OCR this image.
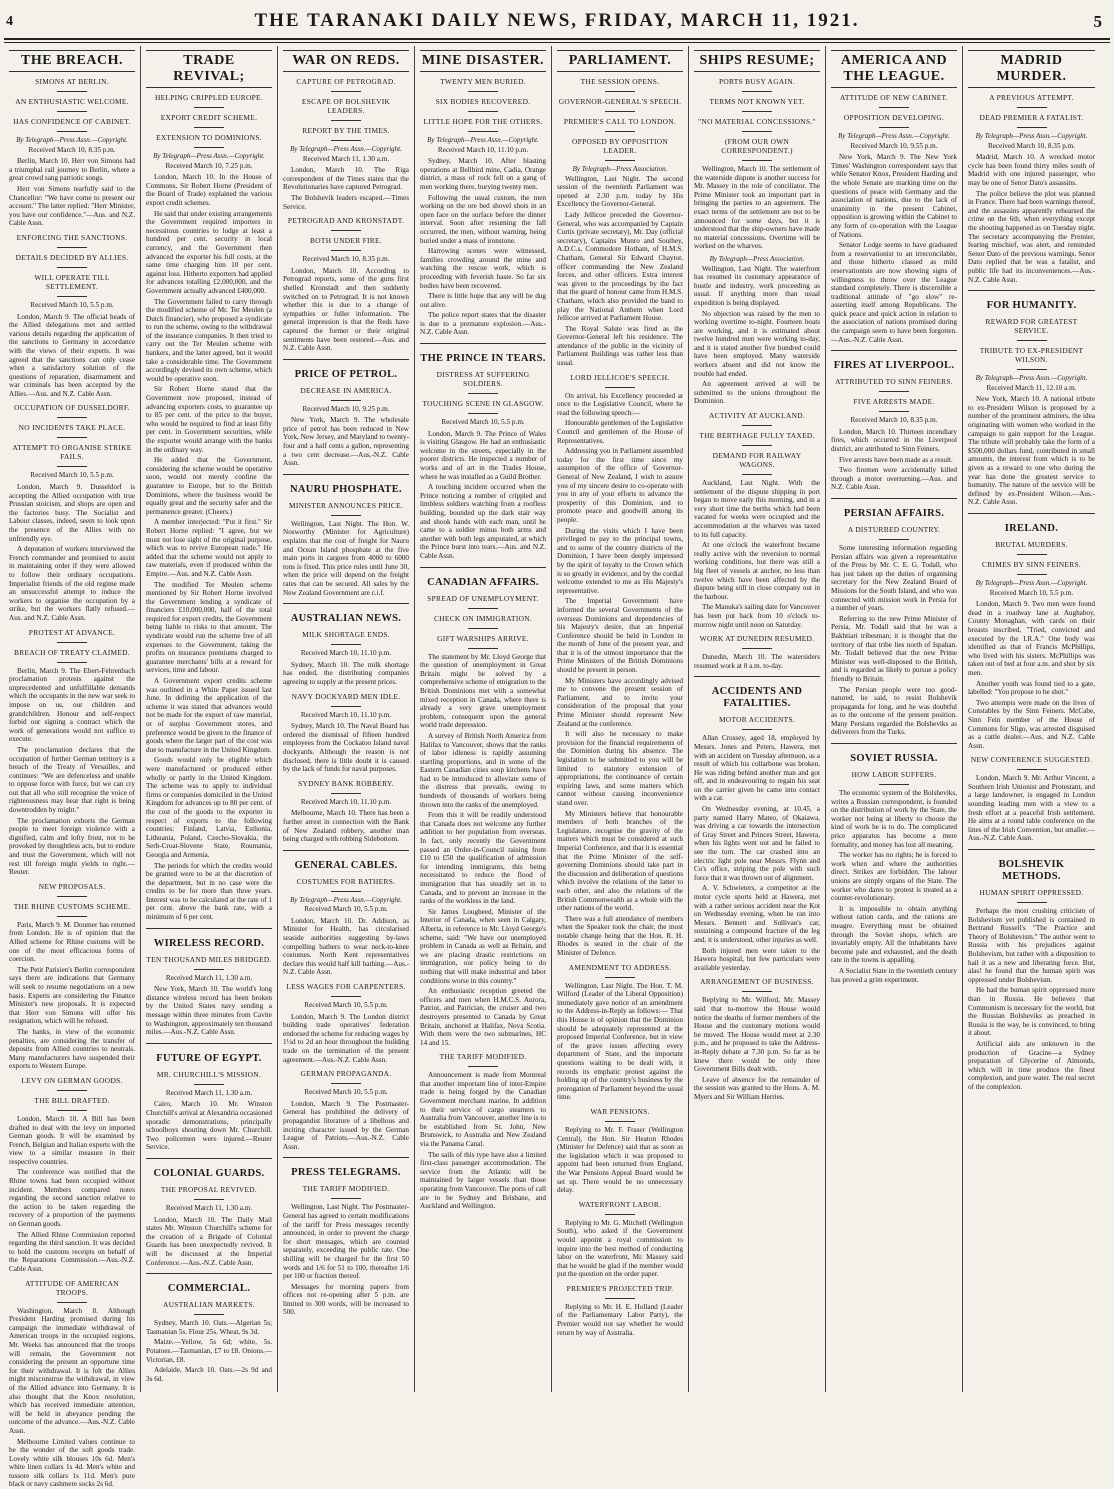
4	THE TARANAKI DAILY NEWS, FRIDAY, MARCH 11, 1921.	5
THE BREACH.
SIMONS AT BERLIN.
AN ENTHUSIASTIC WELCOME.
HAS CONFIDENCE OF CABINET.
By Telegraph—Press Assn.—Copyright.
Received March 10, 8.35 p.m.

Berlin, March 10. Herr von Simons had a triumphal rail journey to Berlin, where a great crowd sang patriotic songs.

Herr von Simons tearfully said to the Chancellor: "We have come to present our account." The latter replied: "Herr Minister, you have our confidence."—Aus. and N.Z. Cable Assn.

ENFORCING THE SANCTIONS.
DETAILS DECIDED BY ALLIES.
WILL OPERATE TILL SETTLEMENT.
Received March 10, 5.5 p.m.

London, March 9. The official heads of the Allied delegations met and settled various details regarding the application of the sanctions to Germany in accordance with the views of their experts. It was agreed that the sanctions can only cease when a satisfactory solution of the questions of reparation, disarmament and war criminals has been accepted by the Allies.—Aus. and N.Z. Cable Assn.

OCCUPATION OF DUSSELDORF.
NO INCIDENTS TAKE PLACE.
ATTEMPT TO ORGANISE STRIKE FAILS.
Received March 10, 5.5 p.m.

London, March 9. Dusseldorf is accepting the Allied occupation with true Prussian stoicism, and shops are open and the factories busy. The Socialist and Labour classes, indeed, seem to look upon the presence of the Allies with no unfriendly eye.

A deputation of workers interviewed the French commander and promised to assist in maintaining order if they were allowed to follow their ordinary occupations. Imperialist friends of the old regime made an unsuccessful attempt to induce the workers to organise the occupation by a strike, but the workers flatly refused.—Aus. and N.Z. Cable Assn.

PROTEST AT ADVANCE.
BREACH OF TREATY CLAIMED.

Berlin, March 9. The Ebert-Fehrenbach proclamation protests against the unprecedented and unfulfillable demands which the occupants in the new war seek to impose on us, our children and grandchildren. Honour and self-respect forbid our signing a contract which the work of generations would not suffice to execute.

The proclamation declares that the occupation of further German territory is a breach of the Treaty of Versailles, and continues: "We are defenceless and unable to oppose force with force, but we can cry out that all who still recognise the voice of righteousness may hear that right is being downtrodden by might."

The proclamation exhorts the German people to meet foreign violence with a dignified, calm and lofty front, not to be provoked by thoughtless acts, but to endure and trust the Government, which will not rest till foreign might yields to right.—Reuter.

NEW PROPOSALS.
THE RHINE CUSTOMS SCHEME.

Paris, March 9. M. Doumer has returned from London. He is of opinion that the Allied scheme for Rhine customs will be one of the most efficacious forms of coercion.

The Petit Parisien's Berlin correspondent says there are indications that Germany will seek to resume negotiations on a new basis. Experts are considering the Finance Minister's new proposals. It is expected that Herr von Simons will offer his resignation, which will be refused.

The banks, in view of the economic penalties, are considering the transfer of deposits from Allied countries to neutrals. Many manufacturers have suspended their exports to Western Europe.

LEVY ON GERMAN GOODS.
THE BILL DRAFTED.

London, March 10. A Bill has been drafted to deal with the levy on imported German goods. It will be examined by French, Belgian and Italian experts with the view to a similar measure in their respective countries.

The conference was notified that the Rhine towns had been occupied without incident. Members compared notes regarding the second sanction relative to the action to be taken regarding the recovery of a proportion of the payments on German goods.

The Allied Rhine Commission reported regarding the third sanction. It was decided to hold the customs receipts on behalf of the Reparations Commission.—Aus.-N.Z. Cable Assn.

ATTITUDE OF AMERICAN TROOPS.

Washington, March 8. Although President Harding promised during his campaign the immediate withdrawal of American troops in the occupied regions, Mr. Weeks has announced that the troops will remain, the Government not considering the present an opportune time for their withdrawal. It is felt the Allies might misconstrue the withdrawal, in view of the Allied advance into Germany. It is also thought that the Knox resolution, which has received immediate attention, will be held in abeyance pending the outcome of the advance.—Aus.-N.Z. Cable Assn.

Melbourne Limited values continue to be the wonder of the soft goods trade. Lovely white silk blouses 10s 6d. Men's white linen collars 1s 4d. Men's white and tussore silk collars 1s 11d. Men's pure black or navy cashmere socks 2s 6d.

TRADE REVIVAL;
HELPING CRIPPLED EUROPE.
EXPORT CREDIT SCHEME.
EXTENSION TO DOMINIONS.
By Telegraph—Press Assn.—Copyright.
Received March 10, 7.25 p.m.

London, March 10. In the House of Commons, Sir Robert Horne (President of the Board of Trade) explained the various export credit schemes.

He said that under existing arrangements the Government required importers in necessitous countries to lodge at least a hundred per cent. security in local currency, and the Government then advanced the exporter his full costs, at the same time charging him 10 per cent. against loss. Hitherto exporters had applied for advances totalling £2,000,000, and the Government actually advanced £400,000.

The Government failed to carry through the modified scheme of Mr. Ter Meulen (a Dutch financier), who proposed a syndicate to run the scheme, owing to the withdrawal of the insurance companies. It then tried to carry out the Ter Meulen scheme with bankers, and the latter agreed, but it would take a considerable time. The Government accordingly devised its own scheme, which would be operative soon.

Sir Robert Horne stated that the Government now proposed, instead of advancing exporters costs, to guarantee up to 85 per cent. of the price to the buyer, who would be required to find at least fifty per cent. in Government securities, while the exporter would arrange with the banks in the ordinary way.

He added that the Government, considering the scheme would be operative soon, would not merely confine the guarantee to Europe, but to the British Dominions, where the business would be equally great and the security safer and the permanence greater. (Cheers.)

A member interjected: "Put it first." Sir Robert Horne replied: "I agree, but we must not lose sight of the original purpose, which was to revive European trade." He added that the scheme would not apply to raw materials, even if produced within the Empire.—Aus. and N.Z. Cable Assn.

The modified Ter Meulen scheme mentioned by Sir Robert Horne involved the Government lending a syndicate of financiers £10,000,000, half of the total required for export credits, the Government being liable to risks to that amount. The syndicate would run the scheme free of all expenses to the Government, taking the profits on insurance premiums charged to guarantee merchants' bills at a reward for services, time and labour.

A Government export credits scheme was outlined in a White Paper issued last June. In defining the application of the scheme it was stated that advances would not be made for the export of raw material, or of surplus Government stores, and preference would be given to the finance of goods where the larger part of the cost was due to manufacture in the United Kingdom.

Goods would only be eligible which were manufactured or produced either wholly or partly in the United Kingdom. The scheme was to apply to individual firms or companies domiciled in the United Kingdom for advances up to 80 per cent. of the cost of the goods to the exporter in respect of exports to the following countries: Finland, Latvia, Esthonia, Lithuania, Poland, Czecho-Slovakia, the Serb-Croat-Slovene State, Roumania, Georgia and Armenia.

The periods for which the credits would be granted were to be at the discretion of the department, but in no case were the credits to be for more than three years. Interest was to be calculated at the rate of 1 per cent. above the bank rate, with a minimum of 6 per cent.

WIRELESS RECORD.
TEN THOUSAND MILES BRIDGED.
Received March 11, 1.30 a.m.

New York, March 10. The world's long distance wireless record has been broken by the United States navy sending a message within three minutes from Cavite to Washington, approximately ten thousand miles.—Aus.-N.Z. Cable Assn.

FUTURE OF EGYPT.
MR. CHURCHILL'S MISSION.
Received March 11, 1.30 a.m.

Cairo, March 10. Mr. Winston Churchill's arrival at Alexandria occasioned sporadic demonstrations, principally schoolboys shouting down Mr. Churchill. Two policemen were injured.—Reuter Service.

COLONIAL GUARDS.
THE PROPOSAL REVIVED.
Received March 11, 1.30 a.m.

London, March 10. The Daily Mail states Mr. Winston Churchill's scheme for the creation of a Brigade of Colonial Guards has been unexpectedly revived. It will be discussed at the Imperial Conference.—Aus.-N.Z. Cable Assn.

COMMERCIAL.
AUSTRALIAN MARKETS.

Sydney, March 10. Oats.—Algerian 5s; Tasmanian 5s. Flour 25s. Wheat, 9s 3d.

Maize.—Yellow, 5s 6d; white, 5s. Potatoes.—Tasmanian, £7 to £8. Onions.—Victorian, £8.

Adelaide, March 10. Oats.—2s 9d and 3s 6d.

WAR ON REDS.
CAPTURE OF PETROGRAD.
ESCAPE OF BOLSHEVIK LEADERS.
REPORT BY THE TIMES.
By Telegraph—Press Assn.—Copyright.
Received March 11, 1.30 a.m.

London, March 10. The Riga correspondent of the Times states that the Revolutionaries have captured Petrograd.

The Bolshevik leaders escaped.—Times Service.

PETROGRAD AND KRONSTADT.
BOTH UNDER FIRE.
Received March 10, 8.35 p.m.

London, March 10. According to Petrograd reports, some of the guns first shelled Kronstadt and then suddenly switched on to Petrograd. It is not known whether this is due to a change of sympathies or fuller information. The general impression is that the Reds have captured the former or their original sentiments have been restored.—Aus. and N.Z. Cable Assn.

PRICE OF PETROL.
DECREASE IN AMERICA.
Received March 10, 9.25 p.m.

New York, March 9. The wholesale price of petrol has been reduced in New York, New Jersey, and Maryland to twenty-four and a half cents a gallon, representing a two cent decrease.—Aus.-N.Z. Cable Assn.

NAURU PHOSPHATE.
MINISTER ANNOUNCES PRICE.

Wellington, Last Night. The Hon. W. Nosworthy (Minister for Agriculture) explains that the cost of freight for Nauru and Ocean Island phosphate at the five main ports in cargoes from 4000 to 6000 tons is fixed. This price rules until June 30, when the price will depend on the freight rates that can be secured. All sales by the New Zealand Government are c.i.f.

AUSTRALIAN NEWS.
MILK SHORTAGE ENDS.
Received March 10, 11.10 p.m.

Sydney, March 10. The milk shortage has ended, the distributing companies agreeing to supply at the present prices.

NAVY DOCKYARD MEN IDLE.
Received March 10, 11.10 p.m.

Sydney, March 10. The Naval Board has ordered the dismissal of fifteen hundred employees from the Cockatoo Island naval dockyards. Although the reason is not disclosed, there is little doubt it is caused by the lack of funds for naval purposes.

SYDNEY BANK ROBBERY.
Received March 10, 11.10 p.m.

Melbourne, March 10. There has been a further arrest in connection with the Bank of New Zealand robbery, another man being charged with robbing Sidebottom.

GENERAL CABLES.
COSTUMES FOR BATHERS.
By Telegraph—Press Assn.—Copyright.
Received March 10, 5.5 p.m.

London, March 10. Dr. Addison, as Minister for Health, has circularised seaside authorities suggesting by-laws compelling bathers to wear neck-to-knee costumes. North Kent representatives declare this would half kill bathing.—Aus.-N.Z. Cable Assn.

LESS WAGES FOR CARPENTERS.
Received March 10, 5.5 p.m.

London, March 9. The London district building trade operatives' federation endorsed the scheme for reducing wages by 1½d to 2d an hour throughout the building trade on the termination of the present agreement.—Aus.-N.Z. Cable Assn.

GERMAN PROPAGANDA.
Received March 10, 5.5 p.m.

London, March 9. The Postmaster-General has prohibited the delivery of propagandist literature of a libellous and inciting character issued by the German League of Patriots.—Aus.-N.Z. Cable Assn.

PRESS TELEGRAMS.
THE TARIFF MODIFIED.

Wellington, Last Night. The Postmaster-General has agreed to certain modifications of the tariff for Press messages recently announced, in order to prevent the charge for short messages, which are counted separately, exceeding the public rate. One shilling will be charged for the first 50 words and 1/6 for 51 to 100, thereafter 1/6 per 100 or fraction thereof.

Messages for morning papers from offices not re-opening after 5 p.m. are limited to 300 words, will be increased to 500.

MINE DISASTER.
TWENTY MEN BURIED.
SIX BODIES RECOVERED.
LITTLE HOPE FOR THE OTHERS.
By Telegraph—Press Assn.—Copyright.
Received March 10, 11.10 p.m.

Sydney, March 10. After blasting operations at Bellbird mine, Cadia, Orange district, a mass of rock fell on a gang of men working there, burying twenty men.

Following the usual custom, the men working on the ore bed shovel shots in an open face on the surface before the dinner interval. Soon after resuming the fall occurred, the men, without warning, being buried under a mass of ironstone.

Harrowing scenes were witnessed, families crowding around the mine and watching the rescue work, which is proceeding with feverish haste. So far six bodies have been recovered.

There is little hope that any will be dug out alive.

The police report states that the disaster is due to a premature explosion.—Aus.-N.Z. Cable Assn.

THE PRINCE IN TEARS.
DISTRESS AT SUFFERING SOLDIERS.
TOUCHING SCENE IN GLASGOW.
Received March 10, 5.5 p.m.

London, March 9. The Prince of Wales is visiting Glasgow. He had an enthusiastic welcome in the streets, especially in the poorer districts. He inspected a number of works and of art in the Trades House, where he was installed as a Guild Brother.

A touching incident occurred when the Prince noticing a number of crippled and limbless soldiers watching from a roofless building, bounded up the dark stair way and shook hands with each man, until he came to a soldier minus both arms and another with both legs amputated, at which the Prince burst into tears.—Aus. and N.Z. Cable Assn.

CANADIAN AFFAIRS.
SPREAD OF UNEMPLOYMENT.
CHECK ON IMMIGRATION.
GIFT WARSHIPS ARRIVE.

The statement by Mr. Lloyd George that the question of unemployment in Great Britain might be solved by a comprehensive scheme of emigration to the British Dominions met with a somewhat mixed reception in Canada, where there is already a very grave unemployment problem, consequent upon the general world trade depression.

A survey of British North America from Halifax to Vancouver, shows that the ranks of labor idleness is rapidly assuming startling proportions, and in some of the Eastern Canadian cities soup kitchens have had to be introduced to alleviate some of the distress that prevails, owing to hundreds of thousands of workers being thrown into the ranks of the unemployed.

From this it will be readily understood that Canada does not welcome any further addition to her population from overseas. In fact, only recently the Government passed an Order-in-Council raising from £10 to £50 the qualification of admission for intending immigrants, this being necessitated to reduce the flood of immigration that has steadily set in to Canada, and to prevent an increase in the ranks of the workless in the land.

Sir James Lougheed, Minister of the Interior of Canada, when seen in Calgary, Alberta, in reference to Mr. Lloyd George's scheme, said: "We have our unemployed problem in Canada as well as Britain, and we are placing drastic restrictions on immigration, our policy being to do nothing that will make industrial and labor conditions worse in this country."

An enthusiastic reception greeted the officers and men when H.M.C.S. Aurora, Patriot, and Patrician, the cruiser and two destroyers presented to Canada by Great Britain, anchored at Halifax, Nova Scotia. With them were the two submarines, HC 14 and 15.

THE TARIFF MODIFIED.

Announcement is made from Montreal that another important line of inter-Empire trade is being forged by the Canadian Government merchant marine. In addition to their service of cargo steamers to Australia from Vancouver, another line is to be established from St. John, New Brunswick, to Australia and New Zealand via the Panama Canal.

The sails of this type have also a limited first-class passenger accommodation. The service from the Atlantic will be maintained by larger vessels than those operating from Vancouver. The ports of call are to be Sydney and Brisbane, and Auckland and Wellington.

PARLIAMENT.
THE SESSION OPENS.
GOVERNOR-GENERAL'S SPEECH.
PREMIER'S CALL TO LONDON.
OPPOSED BY OPPOSITION LEADER.
By Telegraph—Press Association.

Wellington, Last Night. The second session of the twentieth Parliament was opened at 2.30 p.m. today by His Excellency the Governor-General.

Lady Jellicoe preceded the Governor-General, who was accompanied by Captain Curtis (private secretary), Mr. Day (official secretary), Captains Munro and Southey, A.D.C.s, Commodore Hotham, of H.M.S. Chatham, General Sir Edward Chaytor, officer commanding the New Zealand forces, and other officers. Extra interest was given to the proceedings by the fact that the guard of honour came from H.M.S. Chatham, which also provided the band to play the National Anthem when Lord Jellicoe arrived at Parliament House.

The Royal Salute was fired as the Governor-General left his residence. The attendance of the public in the vicinity of Parliament Buildings was rather less than usual.

LORD JELLICOE'S SPEECH.

On arrival, his Excellency proceeded at once to the Legislative Council, where he read the following speech:—

Honourable gentlemen of the Legislative Council and gentlemen of the House of Representatives.

Addressing you in Parliament assembled today for the first time since my assumption of the office of Governor-General of New Zealand, I wish to assure you of my sincere desire to co-operate with you in any of your efforts to advance the prosperity of this Dominion, and to promote peace and goodwill among its people.

During the visits which I have been privileged to pay to the principal towns, and to some of the country districts of the Dominion, I have been deeply impressed by the spirit of loyalty to the Crown which is so greatly in evidence, and by the cordial welcome extended to me as His Majesty's representative.

The Imperial Government have informed the several Governments of the overseas Dominions and dependencies of his Majesty's desire, that an Imperial Conference should be held in London in the month of June of the present year, and that it is of the utmost importance that the Prime Ministers of the British Dominions should be present in person.

My Ministers have accordingly advised me to convene the present session of Parliament, and to invite your consideration of the proposal that your Prime Minister should represent New Zealand at the conference.

It will also be necessary to make provision for the financial requirements of the Dominion during his absence. The legislation to be submitted to you will be limited to statutory extension of appropriations, the continuance of certain expiring laws, and some matters which cannot without causing inconvenience stand over.

My Ministers believe that honourable members of both branches of the Legislature, recognise the gravity of the matters which must be considered at such Imperial Conference, and that it is essential that the Prime Minister of the self-governing Dominions should take part in the discussion and deliberation of questions which involve the relations of the latter to each other, and also the relations of the British Commonwealth as a whole with the other nations of the world.

There was a full attendance of members when the Speaker took the chair, the most notable change being that the Hon. R. H. Rhodes is seated in the chair of the Minister of Defence.

AMENDMENT TO ADDRESS.

Wellington, Last Night. The Hon. T. M. Wilford (Leader of the Liberal Opposition) immediately gave notice of an amendment to the Address-in-Reply as follows:— That this House is of opinion that the Dominion should be adequately represented at the proposed Imperial Conference, but in view of the grave issues affecting every department of State, and the important questions waiting to be dealt with, it records its emphatic protest against the holding up of the country's business by the prorogation of Parliament beyond the usual time.

WAR PENSIONS.

Replying to Mr. F. Fraser (Wellington Central), the Hon. Sir Heaton Rhodes (Minister for Defence) said that as soon as the legislation which it was proposed to appoint had been returned from England, the War Pensions Appeal Board would be set up. There would be no unnecessary delay.

WATERFRONT LABOR.

Replying to Mr. G. Mitchell (Wellington South), who asked if the Government would appoint a royal commission to inquire into the best method of conducting labor on the waterfront, Mr. Massey said that he would be glad if the member would put the question on the order paper.

PREMIER'S PROJECTED TRIP.

Replying to Mr. H. E. Holland (Leader of the Parliamentary Labor Party), the Premier would not say whether he would return by way of Australia.

SHIPS RESUME;
PORTS BUSY AGAIN.
TERMS NOT KNOWN YET.
"NO MATERIAL CONCESSIONS."
(FROM OUR OWN CORRESPONDENT.)

Wellington, March 10. The settlement of the waterside dispute is another success for Mr. Massey in the role of conciliator. The Prime Minister took an important part in bringing the parties to an agreement. The exact terms of the settlement are not to be announced for some days, but it is understood that the ship-owners have made no material concessions. Overtime will be worked on the wharves.

By Telegraph—Press Association.

Wellington, Last Night. The waterfront has resumed its customary appearance of bustle and industry, work proceeding as usual. If anything more than usual expedition is being displayed.

No objection was raised by the men to working overtime to-night. Fourteen boats are working, and it is estimated about twelve hundred men were working to-day, and it is stated another five hundred could have been employed. Many waterside workers absent and did not know the trouble had ended.

An agreement arrived at will be submitted to the unions throughout the Dominion.

ACTIVITY AT AUCKLAND.
THE BERTHAGE FULLY TAXED.
DEMAND FOR RAILWAY WAGONS.

Auckland, Last Night. With the settlement of the dispute shipping in port began to move early this morning, and in a very short time the berths which had been vacated for weeks were occupied and the accommodation at the wharves was taxed to its full capacity.

At one o'clock the waterfront became really active with the reversion to normal working conditions, but there was still a big fleet of vessels at anchor, no less than twelve which have been affected by the dispute being still in close company out in the harbour.

The Manuka's sailing date for Vancouver has been put back from 10 o'clock to-morrow night until noon on Saturday.

WORK AT DUNEDIN RESUMED.

Dunedin, March 10. The watersiders resumed work at 8 a.m. to-day.

ACCIDENTS AND FATALITIES.
MOTOR ACCIDENTS.

Allan Crossey, aged 18, employed by Messrs. Jones and Peters, Hawera, met with an accident on Tuesday afternoon, as a result of which his collarbone was broken. He was riding behind another man and got off, and in endeavouring to regain his seat on the carrier given he came into contact with a car.

On Wednesday evening, at 10.45, a party named Harry Mateo, of Okaiawa, was driving a car towards the intersection of Gray Street and Princes Street, Hawera, when his lights went out and he failed to see the turn. The car crashed into an electric light pole near Messrs. Flynn and Co's office, striping the pole with such force that it was thrown out of alignment.

A. V. Schwieters, a competitor at the motor cycle sports held at Hawera, met with a rather serious accident near the Kot on Wednesday evening, when he ran into Messrs. Bennett and Sullivan's car, sustaining a compound fracture of the leg and, it is understood, other injuries as well.

Both injured men were taken to the Hawera hospital, but few particulars were available yesterday.

ARRANGEMENT OF BUSINESS.

Replying to Mr. Wilford, Mr. Massey said that to-morrow the House would notice the deaths of former members of the House and the customary motions would be moved. The House would meet at 2.30 p.m., and he proposed to take the Address-in-Reply debate at 7.30 p.m. So far as he knew there would be only three Government Bills dealt with.

Leave of absence for the remainder of the session was granted to the Hons. A. M. Myers and Sir William Herries.

AMERICA AND THE LEAGUE.
ATTITUDE OF NEW CABINET.
OPPOSITION DEVELOPING.
By Telegraph—Press Assn.—Copyright.
Received March 10, 9.55 p.m.

New York, March 9. The New York Times' Washington correspondent says that while Senator Knox, President Harding and the whole Senate are marking time on the questions of peace with Germany and the association of nations, due to the lack of unanimity in the present Cabinet, opposition is growing within the Cabinet to any form of co-operation with the League of Nations.

Senator Lodge seems to have graduated from a reservationist to an irreconcilable, and those hitherto classed as mild reservationists are now showing signs of willingness to throw over the League standard completely. There is discernible a traditional attitude of "go slow" re-asserting itself among Republicans. The quick peace and quick action in relation to the association of nations promised during the campaign seem to have been forgotten.—Aus.-N.Z. Cable Assn.

FIRES AT LIVERPOOL.
ATTRIBUTED TO SINN FEINERS.
FIVE ARRESTS MADE.
Received March 10, 8.35 p.m.

London, March 10. Thirteen incendiary fires, which occurred in the Liverpool district, are attributed to Sinn Feiners.

Five arrests have been made as a result.

Two firemen were accidentally killed through a motor overturning.—Aus. and N.Z. Cable Assn.

PERSIAN AFFAIRS.
A DISTURBED COUNTRY.

Some interesting information regarding Persian affairs was given a representative of the Press by Mr. C. E. G. Todall, who has just taken up the duties of organising secretary for the New Zealand Board of Missions for the South Island, and who was connected with mission work in Persia for a number of years.

Referring to the new Prime Minister of Persia, Mr. Todall said that he was a Bakhtiari tribesman; it is thought that the territory of that tribe lies north of Ispahan. Mr. Todall believed that the new Prime Minister was well-disposed to the British, and is regarded as likely to pursue a policy friendly to Britain.

The Persian people were too good-natured, he said, to resist Bolshevik propaganda for long, and he was doubtful as to the outcome of the present position. Many Persians regarded the Bolsheviks as deliverers from the Turks.

SOVIET RUSSIA.
HOW LABOR SUFFERS.

The economic system of the Bolsheviks, writes a Russian correspondent, is founded on the distribution of work by the State, the worker not being at liberty to choose the kind of work he is to do. The complicated price apparatus has become a mere formality, and money has lost all meaning.

The worker has no rights; he is forced to work when and where the authorities direct. Strikes are forbidden. The labour unions are simply organs of the State. The worker who dares to protest is treated as a counter-revolutionary.

It is impossible to obtain anything without ration cards, and the rations are meagre. Everything must be obtained through the Soviet shops, which are invariably empty. All the inhabitants have become pale and exhausted, and the death rate in the towns is appalling.

A Socialist State in the twentieth century has proved a grim experiment.

MADRID MURDER.
A PREVIOUS ATTEMPT.
DEAD PREMIER A FATALIST.
By Telegraph—Press Assn.—Copyright.
Received March 10, 8.35 p.m.

Madrid, March 10. A wrecked motor cycle has been found thirty miles south of Madrid with one injured passenger, who may be one of Senor Dato's assassins.

The police believe the plot was planned in France. There had been warnings thereof, and the assassins apparently rehearsed the crime on the 6th, when everything except the shooting happened as on Tuesday night. The secretary accompanying the Premier, fearing mischief, was alert, and reminded Senor Dato of the previous warnings. Senor Dato replied that he was a fatalist, and public life had its inconveniences.—Aus.-N.Z. Cable Assn.

FOR HUMANITY.
REWARD FOR GREATEST SERVICE.
TRIBUTE TO EX-PRESIDENT WILSON.
By Telegraph—Press Assn.—Copyright.
Received March 11, 12.10 a.m.

New York, March 10. A national tribute to ex-President Wilson is proposed by a number of the prominent admirers, the idea originating with women who worked in the campaign to gain support for the League. The tribute will probably take the form of a $500,000 dollars fund, contributed in small amounts, the interest from which is to be given as a reward to one who during the year has done the greatest service to humanity. The nature of the service will be defined by ex-President Wilson.—Aus.-N.Z. Cable Assn.

IRELAND.
BRUTAL MURDERS.
CRIMES BY SINN FEINERS.
By Telegraph—Press Assn.—Copyright.
Received March 10, 5.5 p.m.

London, March 9. Two men were found dead in a roadway lane at Aughaboy, County Monaghan, with cards on their breasts inscribed, "Tried, convicted and executed by the I.R.A." One body was identified as that of Francis McPhillips, who lived with his sisters. McPhillips was taken out of bed at four a.m. and shot by six men.

Another youth was found tied to a gate, labelled: "You propose to be shot."

Two attempts were made on the lives of Constables by the Sinn Feiners. McCabe, Sinn Fein member of the House of Commons for Sligo, was arrested disguised as a cattle dealer.—Aus. and N.Z. Cable Assn.

NEW CONFERENCE SUGGESTED.

London, March 9. Mr. Arthur Vincent, a Southern Irish Unionist and Protestant, and a large landowner, is engaged in London sounding leading men with a view to a fresh effort at a peaceful Irish settlement. He aims at a round table conference on the lines of the Irish Convention, but smaller.—Aus.-N.Z. Cable Assn.

BOLSHEVIK METHODS.
HUMAN SPIRIT OPPRESSED.

Perhaps the most crushing criticism of Bolshevism yet published is contained in Bertrand Russell's "The Practice and Theory of Bolshevism." The author went to Russia with his prejudices against Bolshevism, but rather with a disposition to hail it as a new and liberating force. But, alas! he found that the human spirit was oppressed under Bolshevism.

He had the human spirit oppressed more than in Russia. He believes that Communism is necessary for the world, but the Russian Bolsheviks as preached in Russia is the way, he is convinced, to bring it about.

Artificial aids are unknown in the production of Gracine—a Sydney preparation of Glycerine of Almonds, which will in time produce the finest complexion, and pure water. The real secret of the complexion.
